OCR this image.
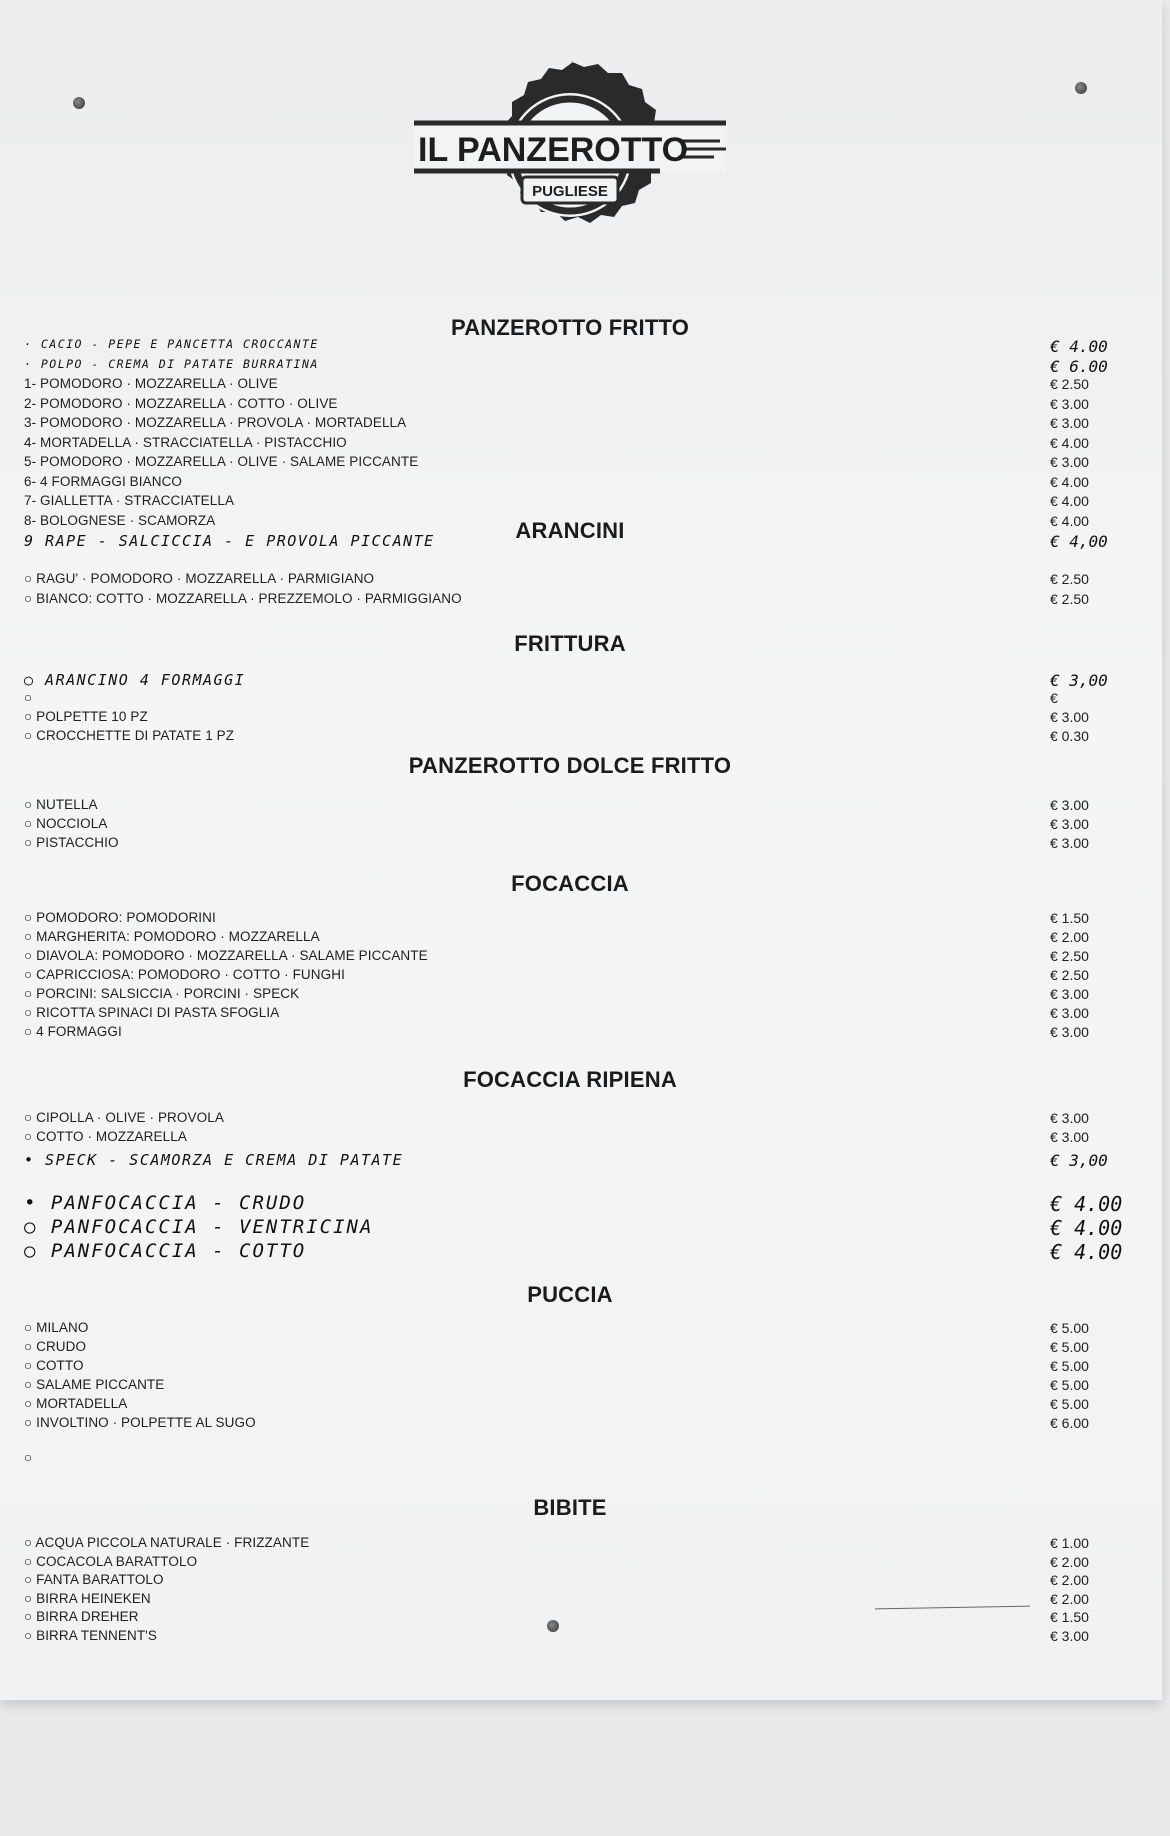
IL PANZEROTTO
PUGLIESE
PANZEROTTO FRITTO
· CACIO - PEPE E PANCETTA CROCCANTE	€ 4.00
· POLPO - CREMA DI PATATE BURRATINA	€ 6.00
1- POMODORO · MOZZARELLA · OLIVE	€ 2.50
2- POMODORO · MOZZARELLA · COTTO · OLIVE	€ 3.00
3- POMODORO · MOZZARELLA · PROVOLA · MORTADELLA	€ 3.00
4- MORTADELLA · STRACCIATELLA · PISTACCHIO	€ 4.00
5- POMODORO · MOZZARELLA · OLIVE · SALAME PICCANTE	€ 3.00
6- 4 FORMAGGI BIANCO	€ 4.00
7- GIALLETTA · STRACCIATELLA	€ 4.00
8- BOLOGNESE · SCAMORZA	€ 4.00
9 RAPE - SALCICCIA - E PROVOLA PICCANTE	€ 4,00
ARANCINI
○ RAGU' · POMODORO · MOZZARELLA · PARMIGIANO	€ 2.50
○ BIANCO: COTTO · MOZZARELLA · PREZZEMOLO · PARMIGGIANO	€ 2.50
FRITTURA
○ ARANCINO 4 FORMAGGI	€ 3,00
○	€
○ POLPETTE 10 PZ	€ 3.00
○ CROCCHETTE DI PATATE 1 PZ	€ 0.30
PANZEROTTO DOLCE FRITTO
○ NUTELLA	€ 3.00
○ NOCCIOLA	€ 3.00
○ PISTACCHIO	€ 3.00
FOCACCIA
○ POMODORO: POMODORINI	€ 1.50
○ MARGHERITA: POMODORO · MOZZARELLA	€ 2.00
○ DIAVOLA: POMODORO · MOZZARELLA · SALAME PICCANTE	€ 2.50
○ CAPRICCIOSA: POMODORO · COTTO · FUNGHI	€ 2.50
○ PORCINI: SALSICCIA · PORCINI · SPECK	€ 3.00
○ RICOTTA SPINACI DI PASTA SFOGLIA	€ 3.00
○ 4 FORMAGGI	€ 3.00
FOCACCIA RIPIENA
○ CIPOLLA · OLIVE · PROVOLA	€ 3.00
○ COTTO · MOZZARELLA	€ 3.00
• SPECK - SCAMORZA E CREMA DI PATATE	€ 3,00
• PANFOCACCIA - CRUDO	€ 4.00
○ PANFOCACCIA - VENTRICINA	€ 4.00
○ PANFOCACCIA - COTTO	€ 4.00
PUCCIA
○ MILANO	€ 5.00
○ CRUDO	€ 5.00
○ COTTO	€ 5.00
○ SALAME PICCANTE	€ 5.00
○ MORTADELLA	€ 5.00
○ INVOLTINO · POLPETTE AL SUGO	€ 6.00
○
BIBITE
○ ACQUA PICCOLA NATURALE · FRIZZANTE	€ 1.00
○ COCACOLA BARATTOLO	€ 2.00
○ FANTA BARATTOLO	€ 2.00
○ BIRRA HEINEKEN	€ 2.00
○ BIRRA DREHER	€ 1.50
○ BIRRA TENNENT'S	€ 3.00
